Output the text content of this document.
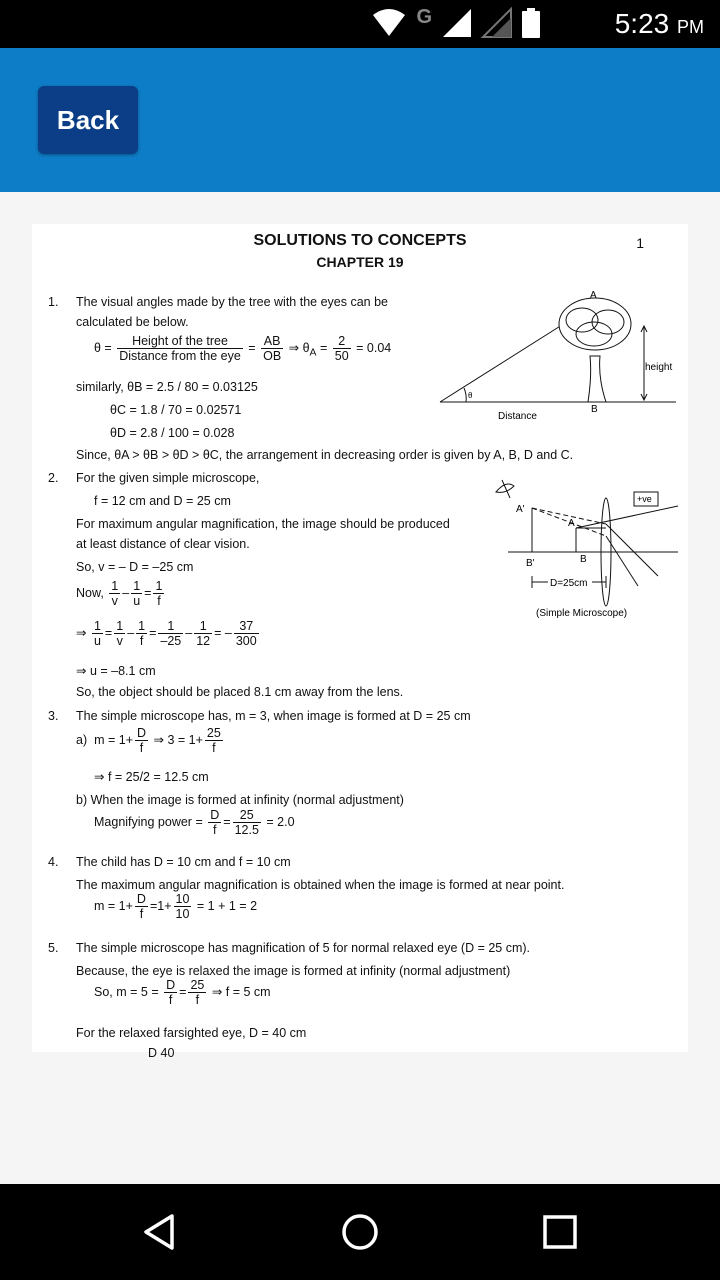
G	5:23 PM
Back
SOLUTIONS TO CONCEPTS
CHAPTER 19
1
1. The visual angles made by the tree with the eyes can be
calculated be below.
$\theta = \frac{\text{Height of the tree}}{\text{Distance from the eye}} = \frac{AB}{OB}$ ⇒ $\theta_A = \frac{2}{50} = 0.04$
similarly, θB = 2.5 / 80 = 0.03125
θC = 1.8 / 70 = 0.02571
θD = 2.8 / 100 = 0.028
Since, θA > θB > θD > θC, the arrangement in decreasing order is given by A, B, D and C.
height
Distance
A
B
θ
2. For the given simple microscope,
f = 12 cm and D = 25 cm
For maximum angular magnification, the image should be produced
at least distance of clear vision.
So, v = – D = –25 cm
Now, $\frac{1}{v} - \frac{1}{u} = \frac{1}{f}$
⇒ $\frac{1}{u} = \frac{1}{v} - \frac{1}{f} = \frac{1}{-25} - \frac{1}{12}$ = – $\frac{37}{300}$
⇒ u = –8.1 cm
So, the object should be placed 8.1 cm away from the lens.
+ve
A'
A
B
B'
D=25cm
(Simple Microscope)
3. The simple microscope has, m = 3, when image is formed at D = 25 cm
a) $m = 1+ \frac{D}{f}$ ⇒ $3 = 1+ \frac{25}{f}$
⇒ f = 25/2 = 12.5 cm
b) When the image is formed at infinity (normal adjustment)
Magnifying power = $\frac{D}{f} = \frac{25}{12.5} = 2.0$
4. The child has D = 10 cm and f = 10 cm
The maximum angular magnification is obtained when the image is formed at near point.
$m = 1+ \frac{D}{f} =1+ \frac{10}{10} = 1 + 1 = 2$
5. The simple microscope has magnification of 5 for normal relaxed eye (D = 25 cm).
Because, the eye is relaxed the image is formed at infinity (normal adjustment)
So, $m = 5 = \frac{D}{f} = \frac{25}{f}$ ⇒ f = 5 cm
For the relaxed farsighted eye, D = 40 cm
D 40
